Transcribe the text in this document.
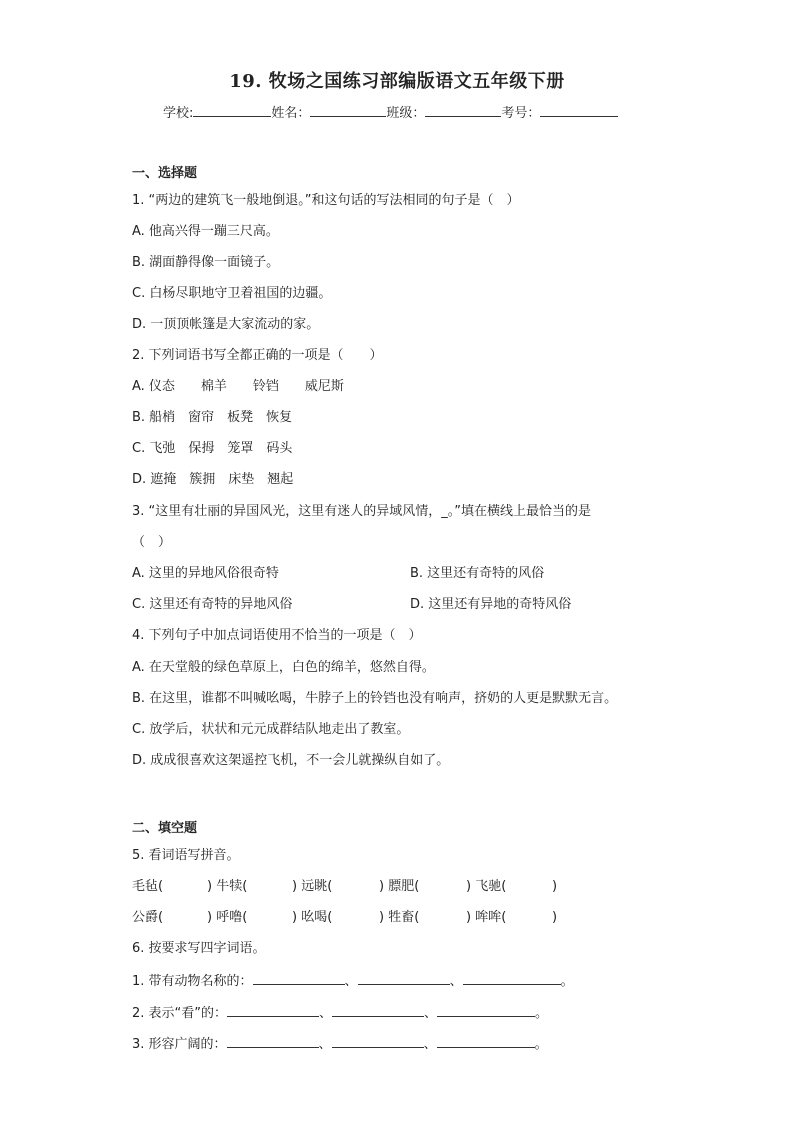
19. 牧场之国练习部编版语文五年级下册
学校:	姓名：	班级：	考号：
一、选择题
1. “两边的建筑飞一般地倒退。”和这句话的写法相同的句子是（　）
A. 他高兴得一蹦三尺高。
B. 湖面静得像一面镜子。
C. 白杨尽职地守卫着祖国的边疆。
D. 一顶顶帐篷是大家流动的家。
2. 下列词语书写全都正确的一项是（　　）
A. 仪态　　棉羊　　铃铛　　威尼斯
B. 船梢　窗帘　板凳　恢复
C. 飞弛　保拇　笼罩　码头
D. 遮掩　簇拥　床垫　翘起
3. “这里有壮丽的异国风光，这里有迷人的异域风情，_。”填在横线上最恰当的是
（　）
A. 这里的异地风俗很奇特	B. 这里还有奇特的风俗
C. 这里还有奇特的异地风俗	D. 这里还有异地的奇特风俗
4. 下列句子中加点词语使用不恰当的一项是（　）
A. 在天堂般的绿色草原上，白色的绵羊，悠然自得。
B. 在这里，谁都不叫喊吆喝，牛脖子上的铃铛也没有响声，挤奶的人更是默默无言。
C. 放学后，状状和元元成群结队地走出了教室。
D. 成成很喜欢这架遥控飞机，不一会儿就操纵自如了。
二、填空题
5. 看词语写拼音。
毛毡(	) 牛犊(	) 远眺(	) 膘肥(	) 飞驰(	)
公爵(	) 呼噜(	) 吆喝(	) 牲畜(	) 哞哞(	)
6. 按要求写四字词语。
1. 带有动物名称的：	、	、	。
2. 表示“看”的：	、	、	。
3. 形容广阔的：	、	、	。
